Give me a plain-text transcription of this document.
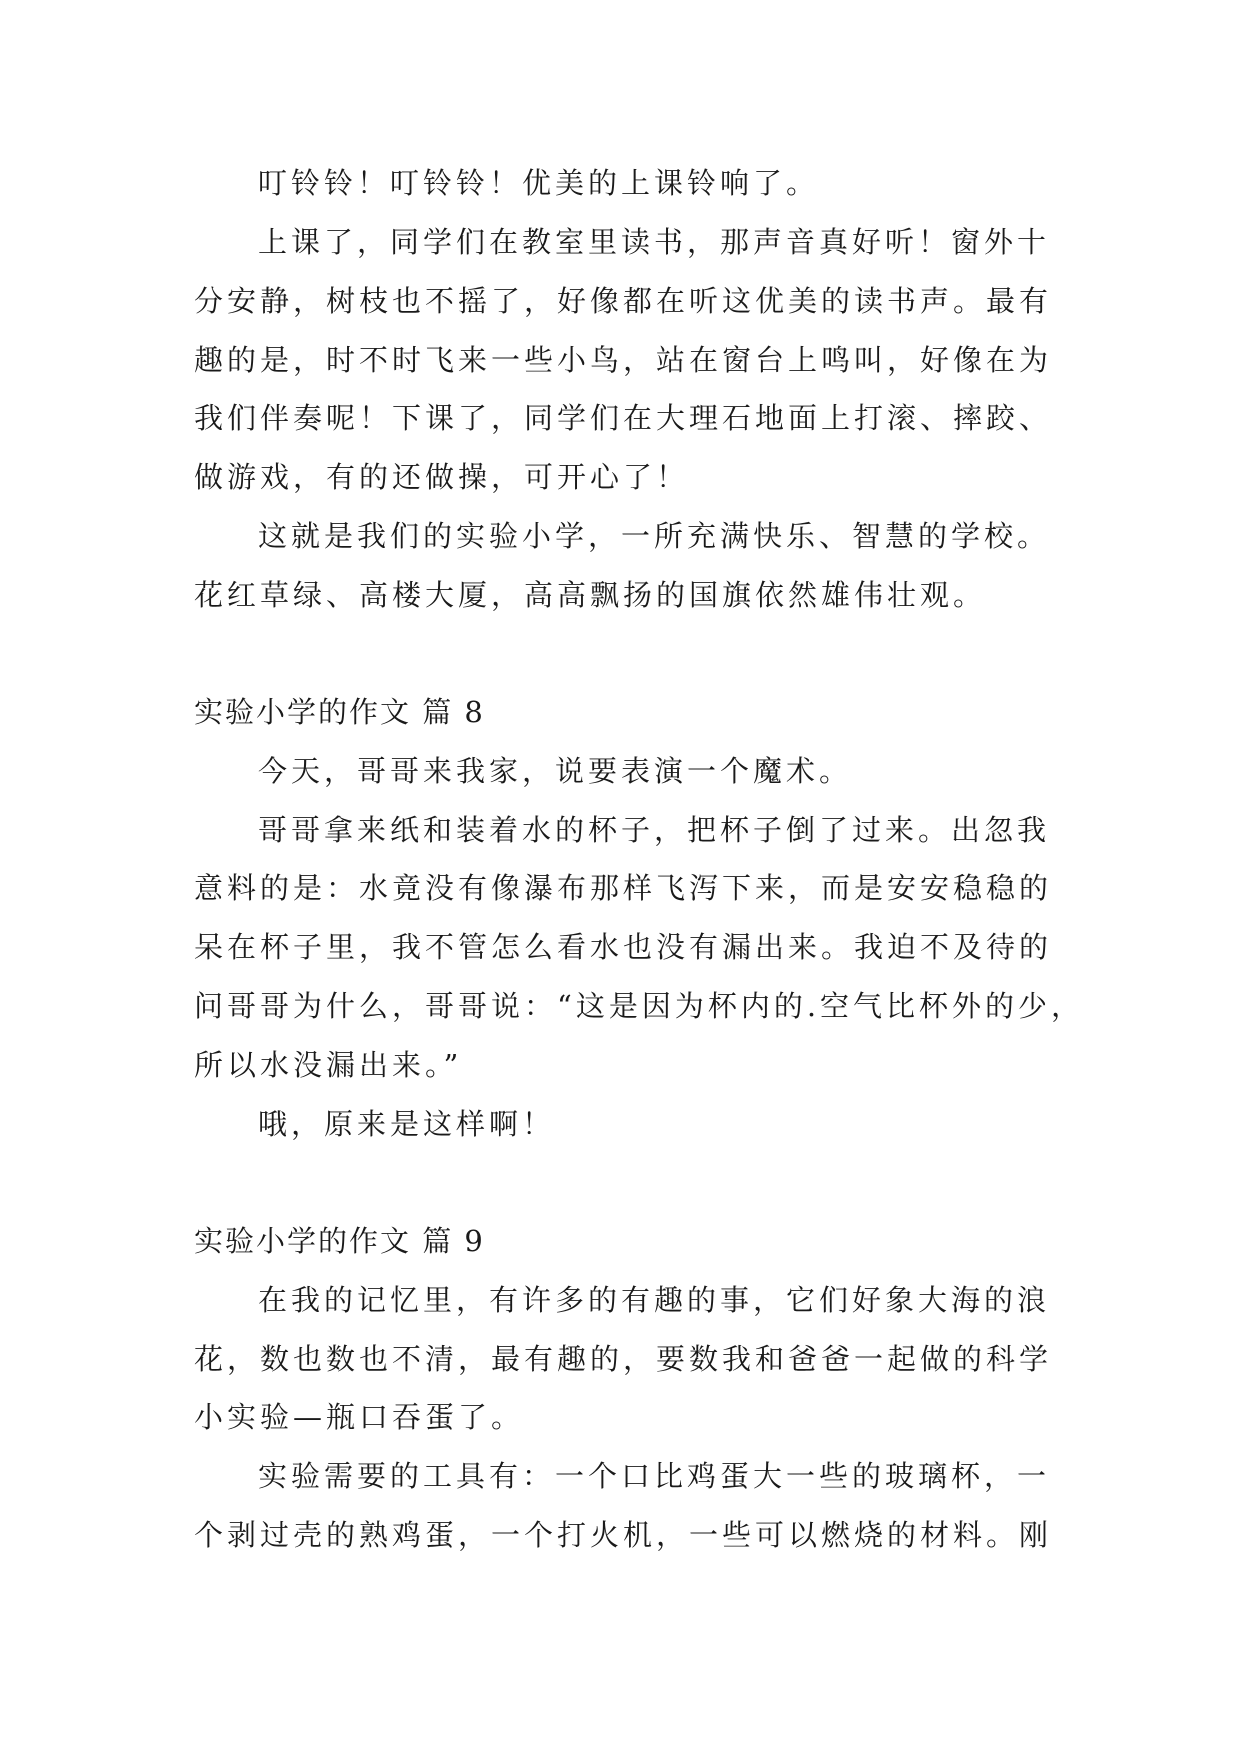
叮铃铃！叮铃铃！优美的上课铃响了。
上课了，同学们在教室里读书，那声音真好听！窗外十
分安静，树枝也不摇了，好像都在听这优美的读书声。最有
趣的是，时不时飞来一些小鸟，站在窗台上鸣叫，好像在为
我们伴奏呢！下课了，同学们在大理石地面上打滚、摔跤、
做游戏，有的还做操，可开心了！
这就是我们的实验小学，一所充满快乐、智慧的学校。
花红草绿、高楼大厦，高高飘扬的国旗依然雄伟壮观。
实验小学的作文 篇 8
今天，哥哥来我家，说要表演一个魔术。
哥哥拿来纸和装着水的杯子，把杯子倒了过来。出忽我
意料的是：水竟没有像瀑布那样飞泻下来，而是安安稳稳的
呆在杯子里，我不管怎么看水也没有漏出来。我迫不及待的
问哥哥为什么，哥哥说：“这是因为杯内的.空气比杯外的少，
所以水没漏出来。”
哦，原来是这样啊！
实验小学的作文 篇 9
在我的记忆里，有许多的有趣的事，它们好象大海的浪
花，数也数也不清，最有趣的，要数我和爸爸一起做的科学
小实验—瓶口吞蛋了。
实验需要的工具有：一个口比鸡蛋大一些的玻璃杯，一
个剥过壳的熟鸡蛋，一个打火机，一些可以燃烧的材料。刚
